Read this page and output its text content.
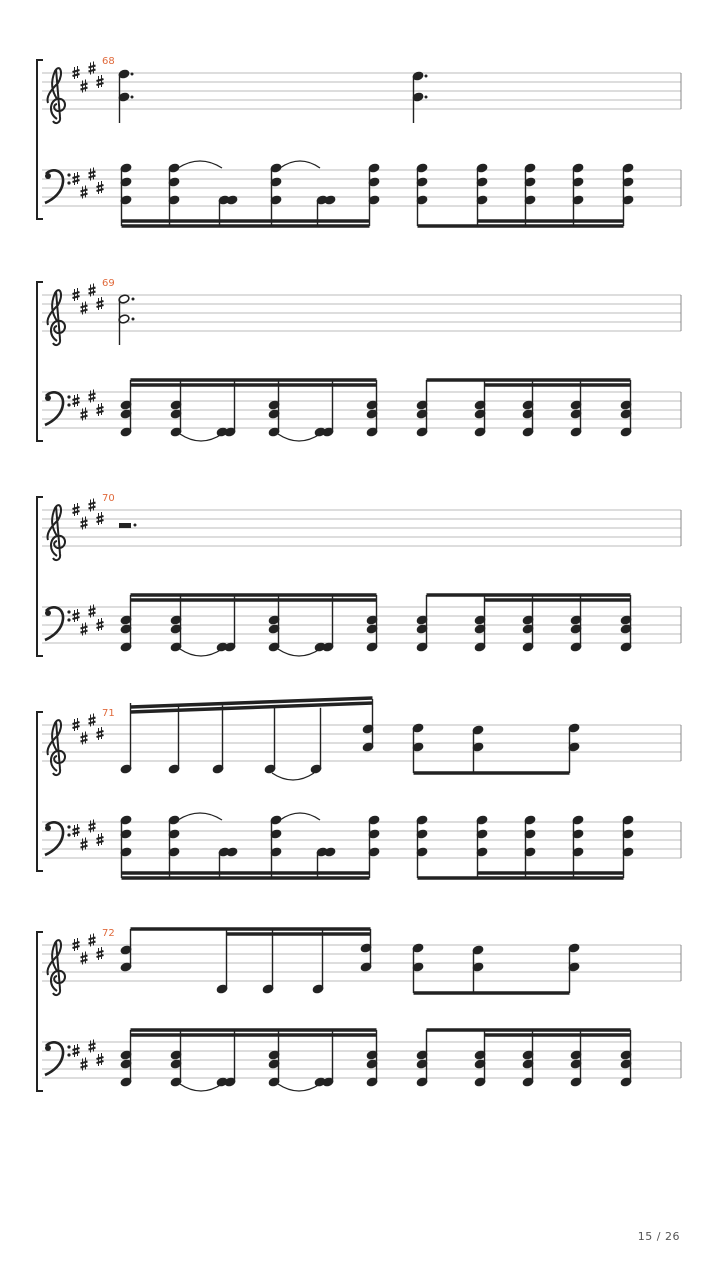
68
69
70
71
72
15 / 26
